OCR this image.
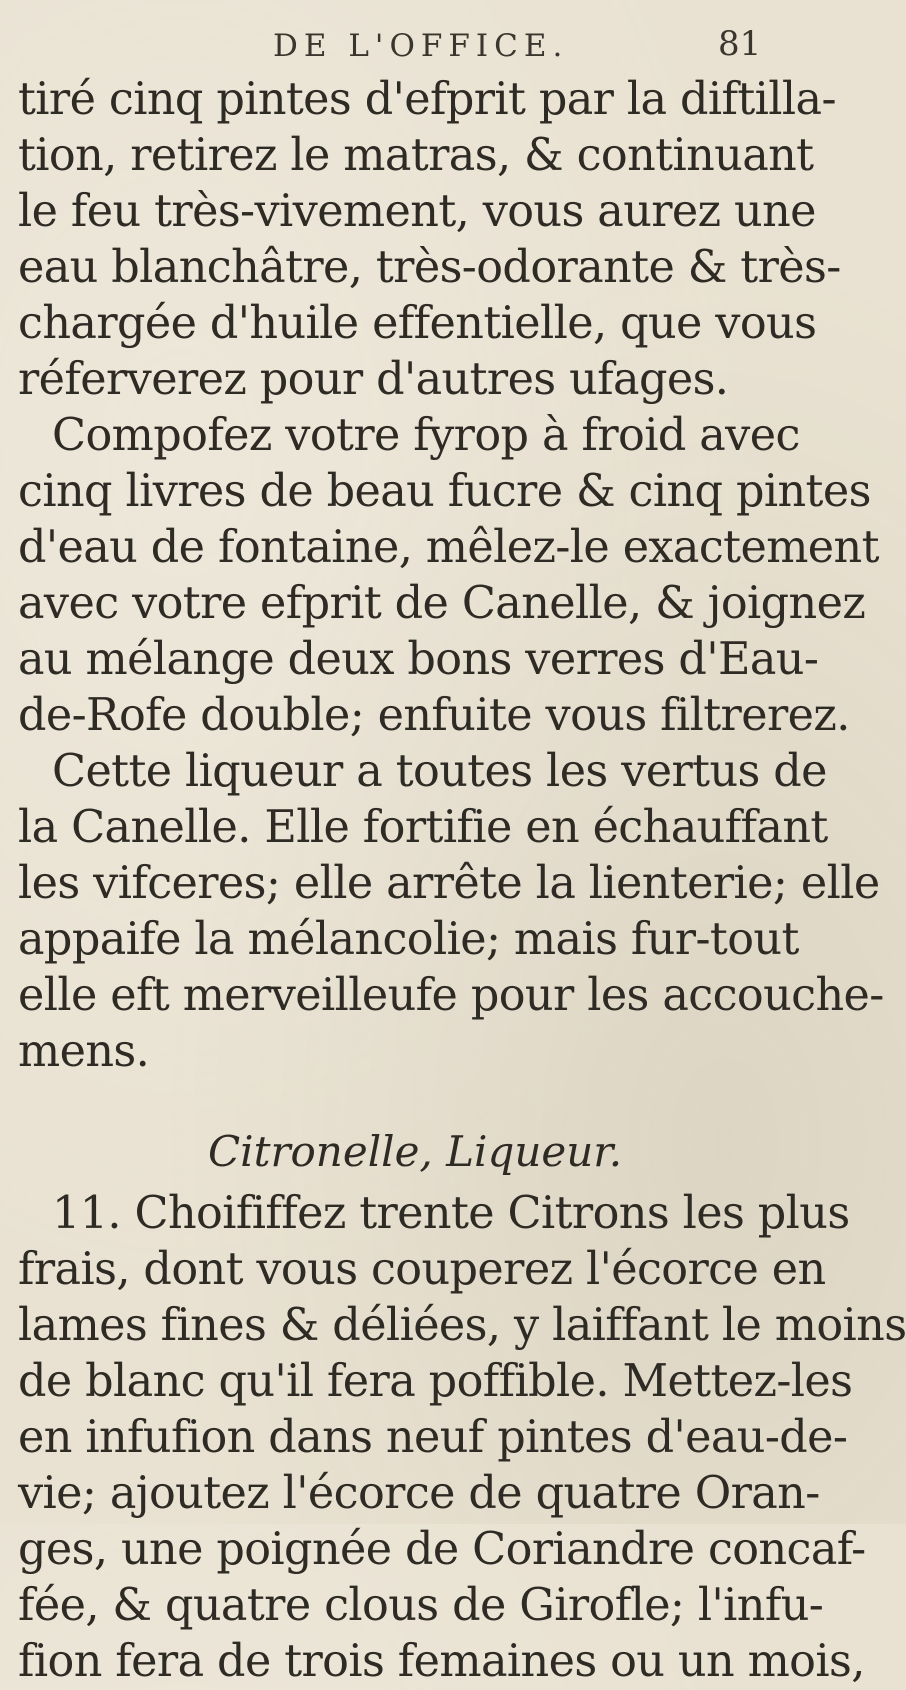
DE L'OFFICE.	81
tiré cinq pintes d'efprit par la diftilla-
tion, retirez le matras, & continuant
le feu très-vivement, vous aurez une
eau blanchâtre, très-odorante & très-
chargée d'huile effentielle, que vous
réferverez pour d'autres ufages.
Compofez votre fyrop à froid avec
cinq livres de beau fucre & cinq pintes
d'eau de fontaine, mêlez-le exactement
avec votre efprit de Canelle, & joignez
au mélange deux bons verres d'Eau-
de-Rofe double; enfuite vous filtrerez.
Cette liqueur a toutes les vertus de
la Canelle. Elle fortifie en échauffant
les vifceres; elle arrête la lienterie; elle
appaife la mélancolie; mais fur-tout
elle eft merveilleufe pour les accouche-
mens.
Citronelle, Liqueur.
11. Choififfez trente Citrons les plus
frais, dont vous couperez l'écorce en
lames fines & déliées, y laiffant le moins
de blanc qu'il fera poffible. Mettez-les
en infufion dans neuf pintes d'eau-de-
vie; ajoutez l'écorce de quatre Oran-
ges, une poignée de Coriandre concaf-
fée, & quatre clous de Girofle; l'infu-
fion fera de trois femaines ou un mois,
